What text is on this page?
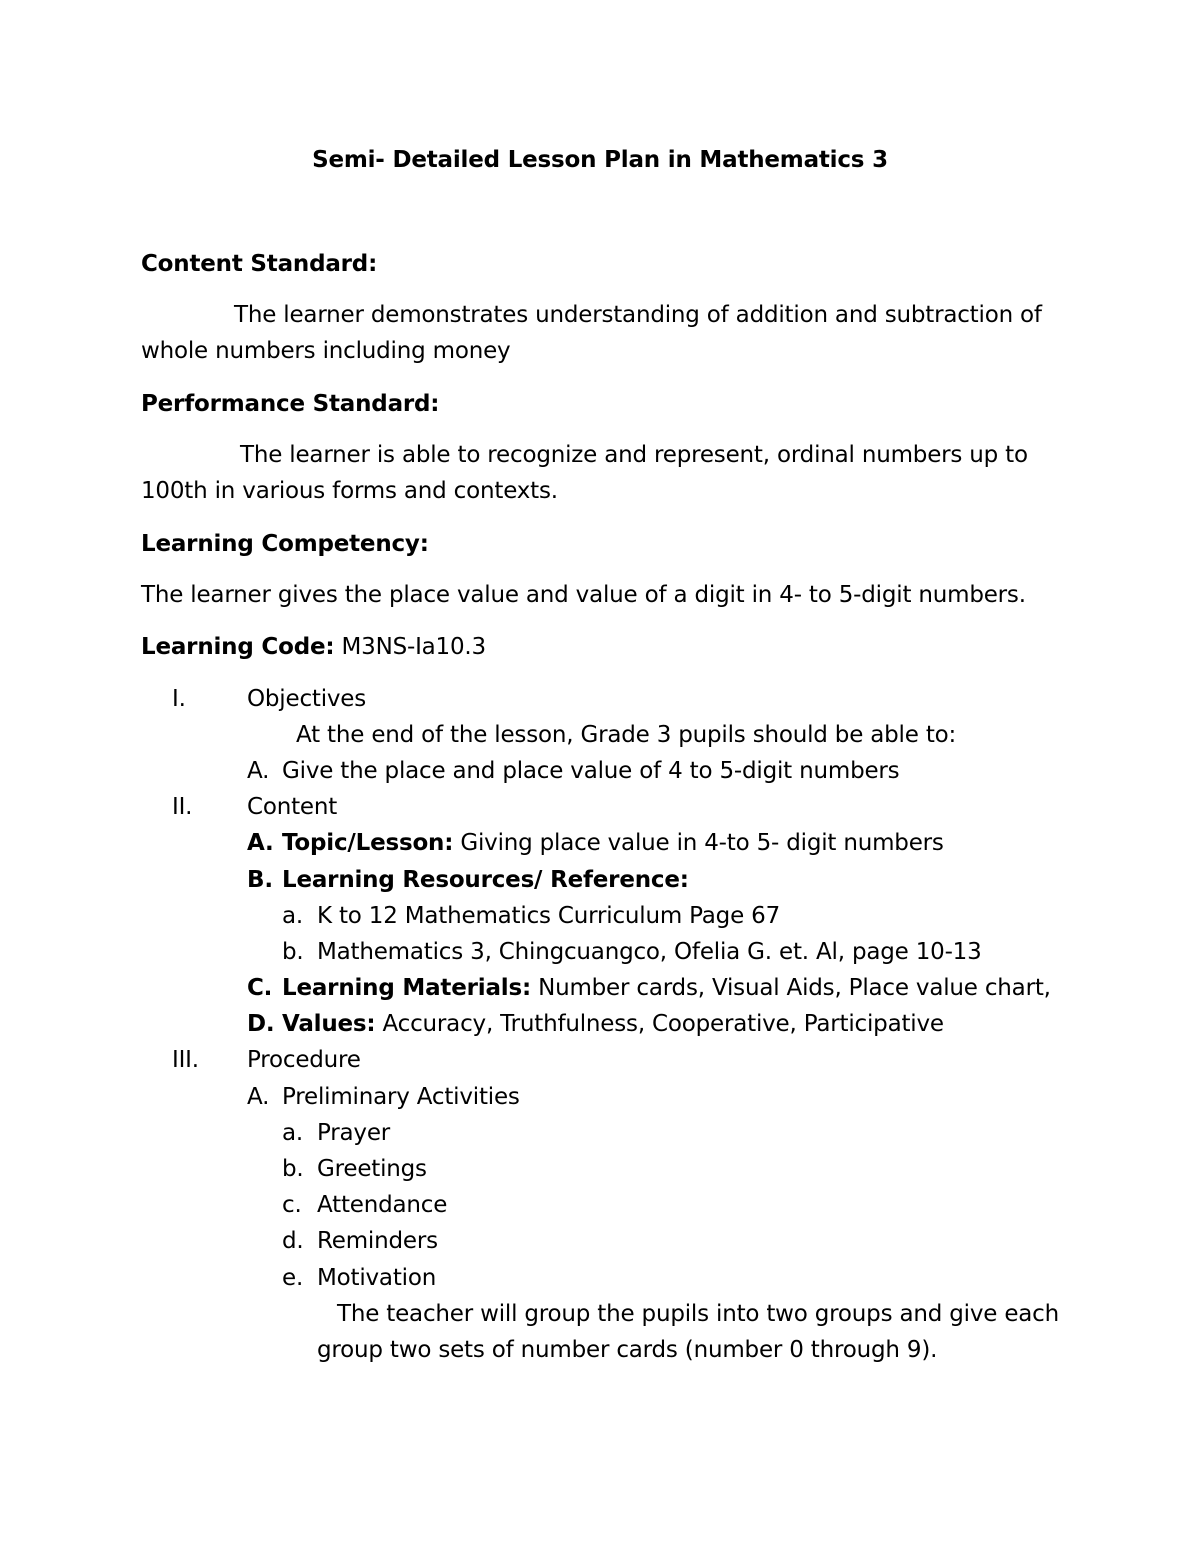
Semi- Detailed Lesson Plan in Mathematics 3
Content Standard:
The learner demonstrates understanding of addition and subtraction of
whole numbers including money
Performance Standard:
The learner is able to recognize and represent, ordinal numbers up to
100th in various forms and contexts.
Learning Competency:
The learner gives the place value and value of a digit in 4- to 5-digit numbers.
Learning Code: M3NS-Ia10.3
I.	Objectives
At the end of the lesson, Grade 3 pupils should be able to:
A. Give the place and place value of 4 to 5-digit numbers
II. Content
A. Topic/Lesson: Giving place value in 4-to 5- digit numbers
B. Learning Resources/ Reference:
a. K to 12 Mathematics Curriculum Page 67
b. Mathematics 3, Chingcuangco, Ofelia G. et. Al, page 10-13
C. Learning Materials: Number cards, Visual Aids, Place value chart,
D. Values: Accuracy, Truthfulness, Cooperative, Participative
III. Procedure
A. Preliminary Activities
a. Prayer
b. Greetings
c. Attendance
d. Reminders
e. Motivation
The teacher will group the pupils into two groups and give each
group two sets of number cards (number 0 through 9).
